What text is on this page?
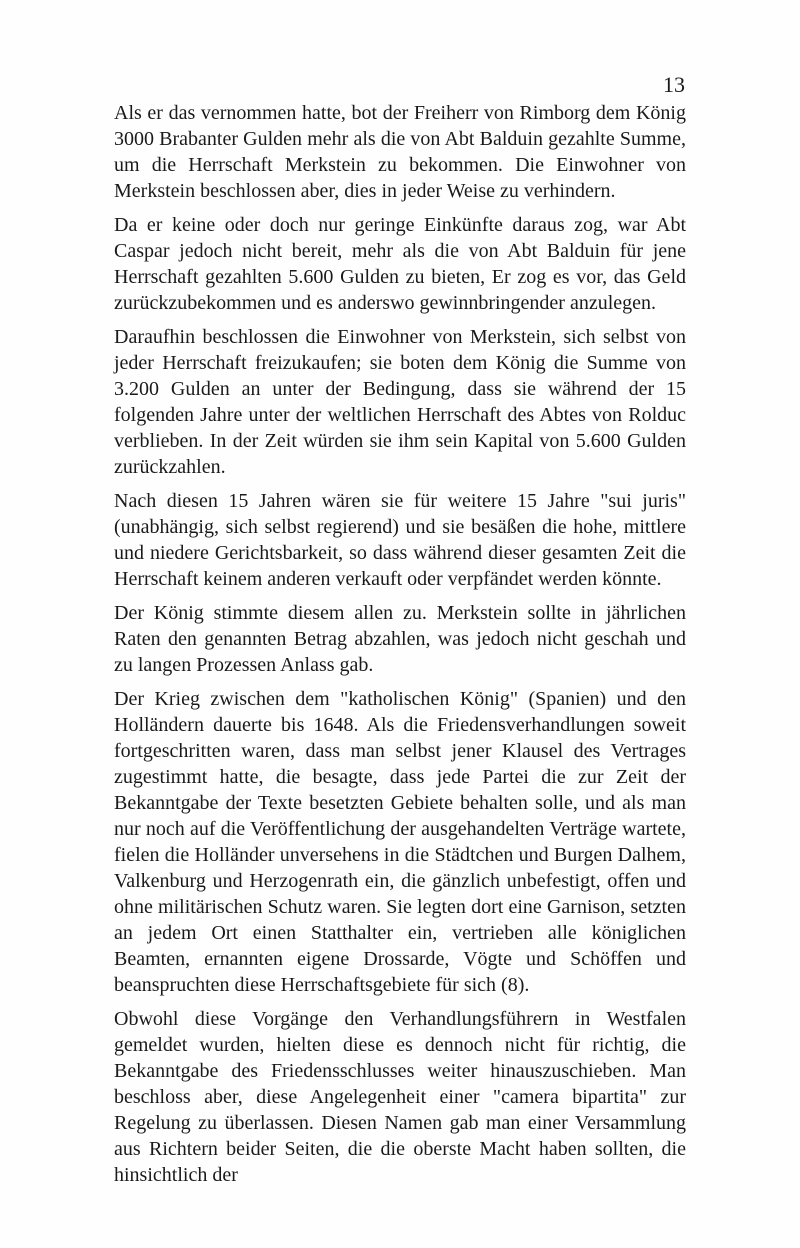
13

Als er das vernommen hatte, bot der Freiherr von Rimborg dem König 3000 Brabanter Gulden mehr als die von Abt Balduin gezahlte Summe, um die Herrschaft Merkstein zu bekommen. Die Einwohner von Merkstein beschlossen aber, dies in jeder Weise zu verhindern.

Da er keine oder doch nur geringe Einkünfte daraus zog, war Abt Caspar jedoch nicht bereit, mehr als die von Abt Balduin für jene Herrschaft gezahlten 5.600 Gulden zu bieten, Er zog es vor, das Geld zurückzubekommen und es anderswo gewinnbringender anzulegen.

Daraufhin beschlossen die Einwohner von Merkstein, sich selbst von jeder Herrschaft freizukaufen; sie boten dem König die Summe von 3.200 Gulden an unter der Bedingung, dass sie während der 15 folgenden Jahre unter der weltlichen Herrschaft des Abtes von Rolduc verblieben. In der Zeit würden sie ihm sein Kapital von 5.600 Gulden zurückzahlen.

Nach diesen 15 Jahren wären sie für weitere 15 Jahre "sui juris" (unabhängig, sich selbst regierend) und sie besäßen die hohe, mittlere und niedere Gerichtsbarkeit, so dass während dieser gesamten Zeit die Herrschaft keinem anderen verkauft oder verpfändet werden könnte.

Der König stimmte diesem allen zu. Merkstein sollte in jährlichen Raten den genannten Betrag abzahlen, was jedoch nicht geschah und zu langen Prozessen Anlass gab.

Der Krieg zwischen dem "katholischen König" (Spanien) und den Holländern dauerte bis 1648. Als die Friedensverhandlungen soweit fortgeschritten waren, dass man selbst jener Klausel des Vertrages zugestimmt hatte, die besagte, dass jede Partei die zur Zeit der Bekanntgabe der Texte besetzten Gebiete behalten solle, und als man nur noch auf die Veröffentlichung der ausgehandelten Verträge wartete, fielen die Holländer unversehens in die Städtchen und Burgen Dalhem, Valkenburg und Herzogenrath ein, die gänzlich unbefestigt, offen und ohne militärischen Schutz waren. Sie legten dort eine Garnison, setzten an jedem Ort einen Statthalter ein, vertrieben alle königlichen Beamten, ernannten eigene Drossarde, Vögte und Schöffen und beanspruchten diese Herrschaftsgebiete für sich (8).

Obwohl diese Vorgänge den Verhandlungsführern in Westfalen gemeldet wurden, hielten diese es dennoch nicht für richtig, die Bekanntgabe des Friedensschlusses weiter hinauszuschieben. Man beschloss aber, diese Angelegenheit einer "camera bipartita" zur Regelung zu überlassen. Diesen Namen gab man einer Versammlung aus Richtern beider Seiten, die die oberste Macht haben sollten, die hinsichtlich der
